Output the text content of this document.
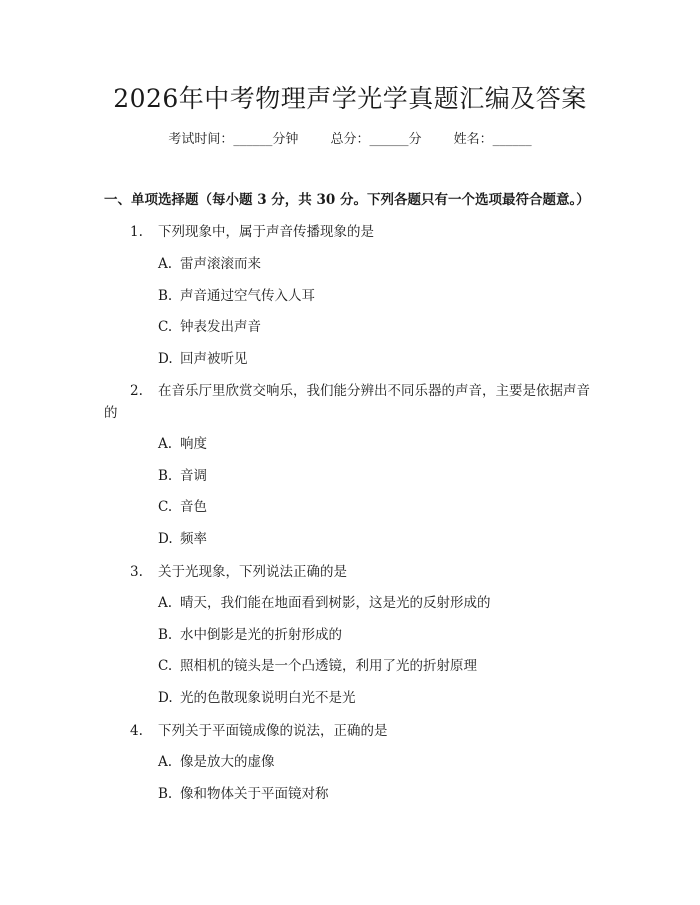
2026年中考物理声学光学真题汇编及答案
考试时间：______分钟 总分：______分 姓名：______
一、单项选择题（每小题 3 分，共 30 分。下列各题只有一个选项最符合题意。）
1. 下列现象中，属于声音传播现象的是
A. 雷声滚滚而来
B. 声音通过空气传入人耳
C. 钟表发出声音
D. 回声被听见
2. 在音乐厅里欣赏交响乐，我们能分辨出不同乐器的声音，主要是依据声音的
A. 响度
B. 音调
C. 音色
D. 频率
3. 关于光现象，下列说法正确的是
A. 晴天，我们能在地面看到树影，这是光的反射形成的
B. 水中倒影是光的折射形成的
C. 照相机的镜头是一个凸透镜，利用了光的折射原理
D. 光的色散现象说明白光不是光
4. 下列关于平面镜成像的说法，正确的是
A. 像是放大的虚像
B. 像和物体关于平面镜对称
